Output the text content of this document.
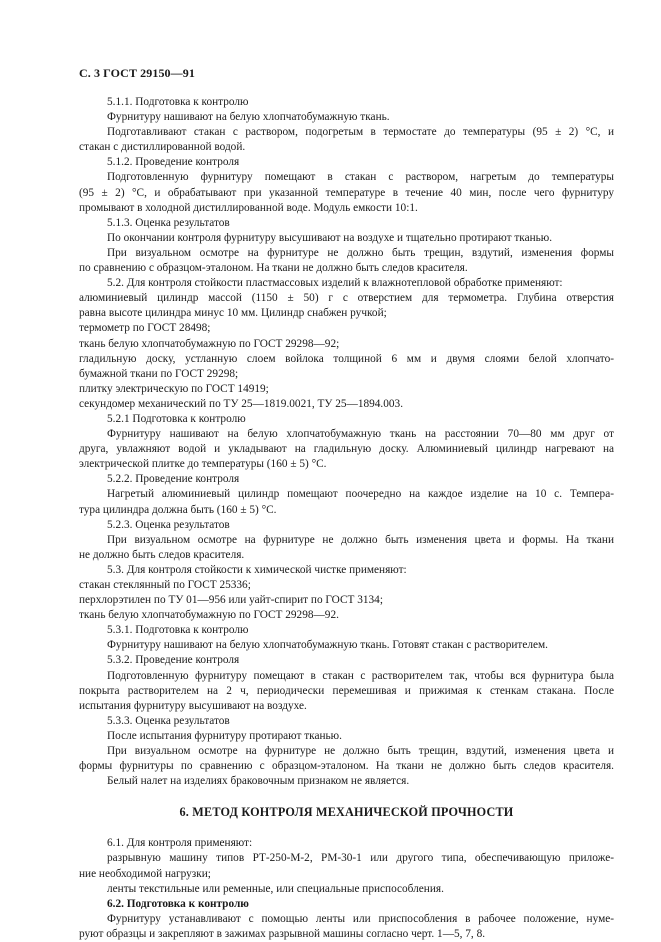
С. 3 ГОСТ 29150—91
5.1.1. Подготовка к контролю
Фурнитуру нашивают на белую хлопчатобумажную ткань.
Подготавливают стакан с раствором, подогретым в термостате до температуры (95 ± 2) °С, и
стакан с дистиллированной водой.
5.1.2. Проведение контроля
Подготовленную фурнитуру помещают в стакан с раствором, нагретым до температуры
(95 ± 2) °С, и обрабатывают при указанной температуре в течение 40 мин, после чего фурнитуру
промывают в холодной дистиллированной воде. Модуль емкости 10:1.
5.1.3. Оценка результатов
По окончании контроля фурнитуру высушивают на воздухе и тщательно протирают тканью.
При визуальном осмотре на фурнитуре не должно быть трещин, вздутий, изменения формы
по сравнению с образцом-эталоном. На ткани не должно быть следов красителя.
5.2. Для контроля стойкости пластмассовых изделий к влажнотепловой обработке применяют:
алюминиевый цилиндр массой (1150 ± 50) г с отверстием для термометра. Глубина отверстия
равна высоте цилиндра минус 10 мм. Цилиндр снабжен ручкой;
термометр по ГОСТ 28498;
ткань белую хлопчатобумажную по ГОСТ 29298—92;
гладильную доску, устланную слоем войлока толщиной 6 мм и двумя слоями белой хлопчато-
бумажной ткани по ГОСТ 29298;
плитку электрическую по ГОСТ 14919;
секундомер механический по ТУ 25—1819.0021, ТУ 25—1894.003.
5.2.1 Подготовка к контролю
Фурнитуру нашивают на белую хлопчатобумажную ткань на расстоянии 70—80 мм друг от
друга, увлажняют водой и укладывают на гладильную доску. Алюминиевый цилиндр нагревают на
электрической плитке до температуры (160 ± 5) °С.
5.2.2. Проведение контроля
Нагретый алюминиевый цилиндр помещают поочередно на каждое изделие на 10 с. Темпера-
тура цилиндра должна быть (160 ± 5) °С.
5.2.3. Оценка результатов
При визуальном осмотре на фурнитуре не должно быть изменения цвета и формы. На ткани
не должно быть следов красителя.
5.3. Для контроля стойкости к химической чистке применяют:
стакан стеклянный по ГОСТ 25336;
перхлорэтилен по ТУ 01—956 или уайт-спирит по ГОСТ 3134;
ткань белую хлопчатобумажную по ГОСТ 29298—92.
5.3.1. Подготовка к контролю
Фурнитуру нашивают на белую хлопчатобумажную ткань. Готовят стакан с растворителем.
5.3.2. Проведение контроля
Подготовленную фурнитуру помещают в стакан с растворителем так, чтобы вся фурнитура была
покрыта растворителем на 2 ч, периодически перемешивая и прижимая к стенкам стакана. После
испытания фурнитуру высушивают на воздухе.
5.3.3. Оценка результатов
После испытания фурнитуру протирают тканью.
При визуальном осмотре на фурнитуре не должно быть трещин, вздутий, изменения цвета и
формы фурнитуры по сравнению с образцом-эталоном. На ткани не должно быть следов красителя.
Белый налет на изделиях браковочным признаком не является.
6. МЕТОД КОНТРОЛЯ МЕХАНИЧЕСКОЙ ПРОЧНОСТИ
6.1. Для контроля применяют:
разрывную машину типов РТ-250-М-2, РМ-30-1 или другого типа, обеспечивающую приложе-
ние необходимой нагрузки;
ленты текстильные или ременные, или специальные приспособления.
6.2. Подготовка к контролю
Фурнитуру устанавливают с помощью ленты или приспособления в рабочее положение, нуме-
руют образцы и закрепляют в зажимах разрывной машины согласно черт. 1—5, 7, 8.
